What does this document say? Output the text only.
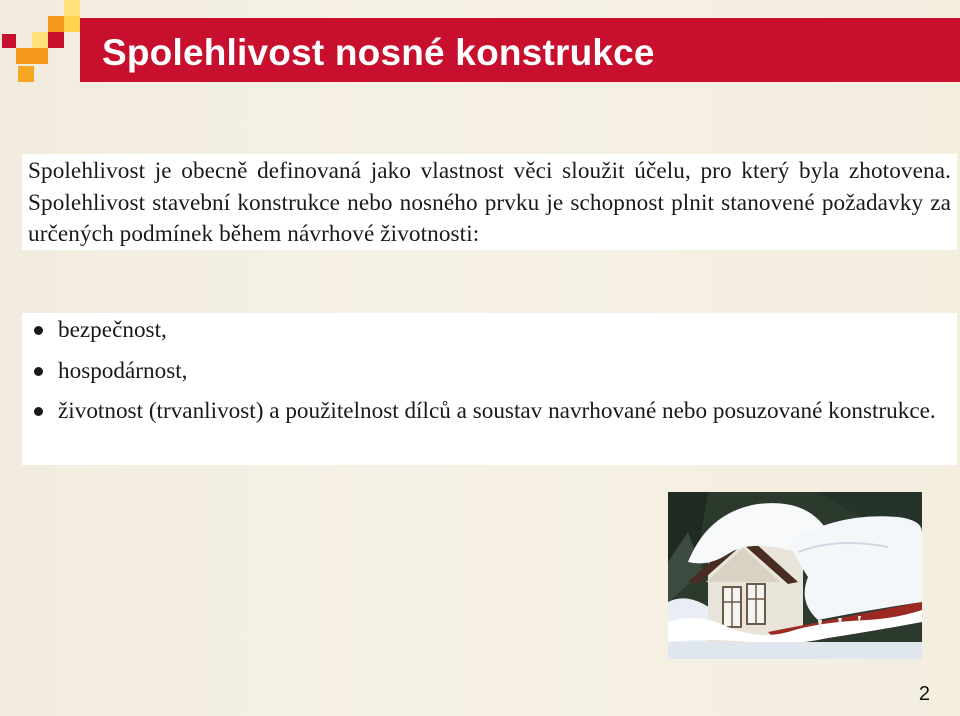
Spolehlivost nosné konstrukce

Spolehlivost je obecně definovaná jako vlastnost věci sloužit účelu, pro který byla zhotovena. Spolehlivost stavební konstrukce nebo nosného prvku je schopnost plnit stanovené požadavky za určených podmínek během návrhové životnosti:

bezpečnost,
hospodárnost,
životnost (trvanlivost) a použitelnost dílců a soustav navrhované nebo posuzované konstrukce.
2
